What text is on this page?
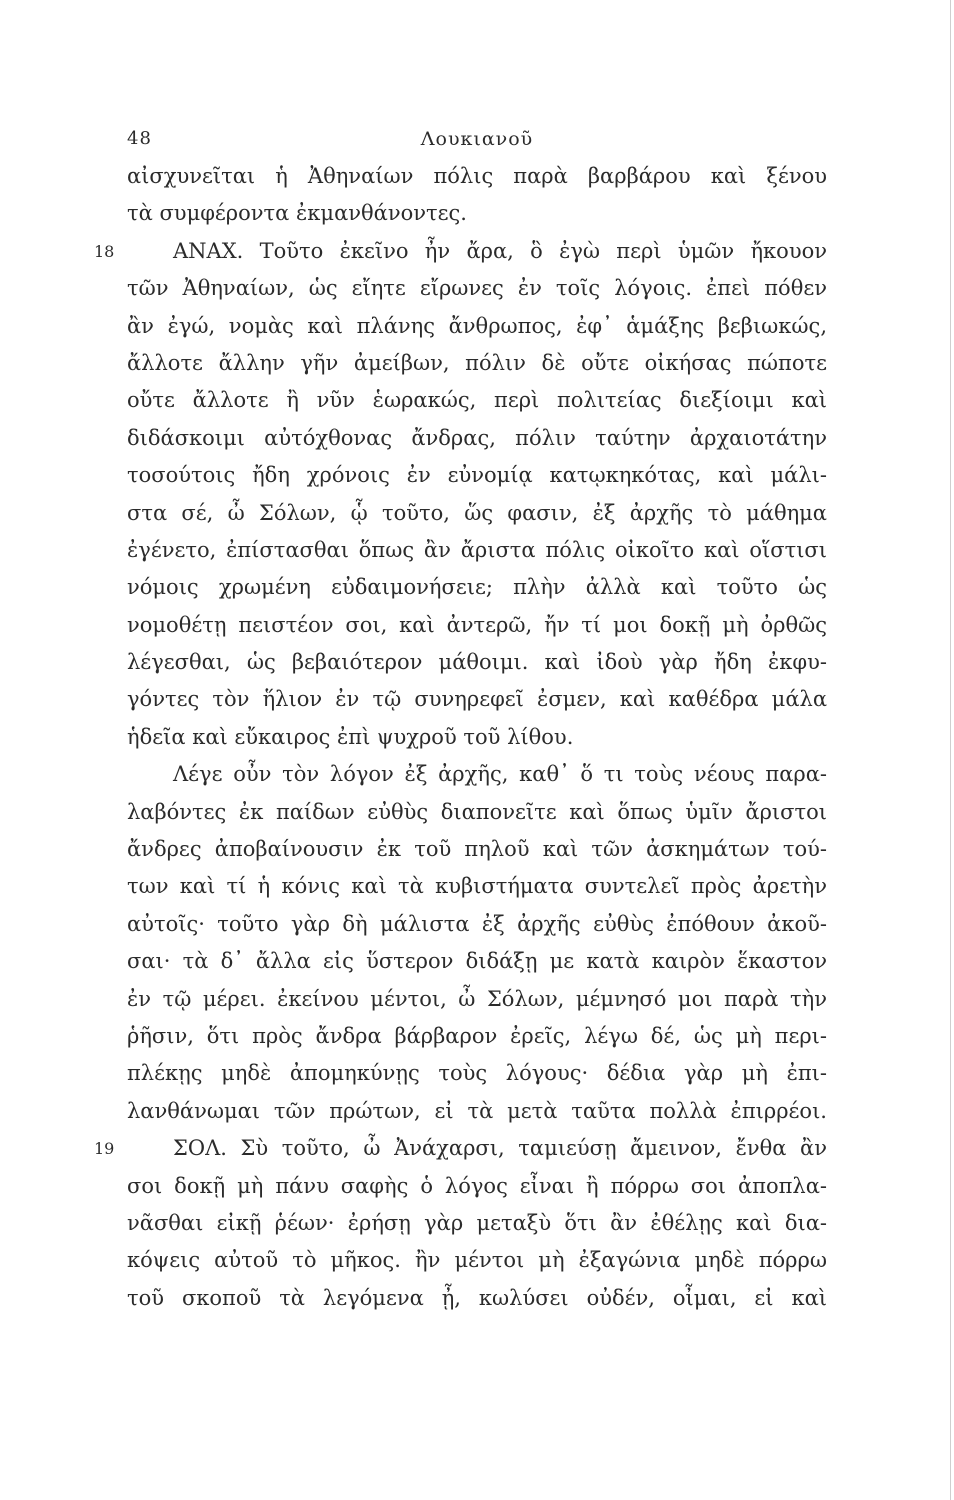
48	Λουκιανοῦ
αἰσχυνεῖται ἡ Ἀθηναίων πόλις παρὰ βαρβάρου καὶ ξένου
τὰ συμφέροντα ἐκμανθάνοντες.
18	ΑΝΑΧ. Τοῦτο ἐκεῖνο ἦν ἄρα, ὃ ἐγὼ περὶ ὑμῶν ἤκουον
τῶν Ἀθηναίων, ὡς εἴητε εἴρωνες ἐν τοῖς λόγοις. ἐπεὶ πόθεν
ἂν ἐγώ, νομὰς καὶ πλάνης ἄνθρωπος, ἐφ᾽ ἁμάξης βεβιωκώς,
ἄλλοτε ἄλλην γῆν ἀμείβων, πόλιν δὲ οὔτε οἰκήσας πώποτε
οὔτε ἄλλοτε ἢ νῦν ἑωρακώς, περὶ πολιτείας διεξίοιμι καὶ
διδάσκοιμι αὐτόχθονας ἄνδρας, πόλιν ταύτην ἀρχαιοτάτην
τοσούτοις ἤδη χρόνοις ἐν εὐνομίᾳ κατῳκηκότας, καὶ μάλι-
στα σέ, ὦ Σόλων, ᾧ τοῦτο, ὥς φασιν, ἐξ ἀρχῆς τὸ μάθημα
ἐγένετο, ἐπίστασθαι ὅπως ἂν ἄριστα πόλις οἰκοῖτο καὶ οἵστισι
νόμοις χρωμένη εὐδαιμονήσειε; πλὴν ἀλλὰ καὶ τοῦτο ὡς
νομοθέτῃ πειστέον σοι, καὶ ἀντερῶ, ἤν τί μοι δοκῇ μὴ ὀρθῶς
λέγεσθαι, ὡς βεβαιότερον μάθοιμι. καὶ ἰδοὺ γὰρ ἤδη ἐκφυ-
γόντες τὸν ἥλιον ἐν τῷ συνηρεφεῖ ἐσμεν, καὶ καθέδρα μάλα
ἡδεῖα καὶ εὔκαιρος ἐπὶ ψυχροῦ τοῦ λίθου.
Λέγε οὖν τὸν λόγον ἐξ ἀρχῆς, καθ᾽ ὅ τι τοὺς νέους παρα-
λαβόντες ἐκ παίδων εὐθὺς διαπονεῖτε καὶ ὅπως ὑμῖν ἄριστοι
ἄνδρες ἀποβαίνουσιν ἐκ τοῦ πηλοῦ καὶ τῶν ἀσκημάτων τού-
των καὶ τί ἡ κόνις καὶ τὰ κυβιστήματα συντελεῖ πρὸς ἀρετὴν
αὐτοῖς· τοῦτο γὰρ δὴ μάλιστα ἐξ ἀρχῆς εὐθὺς ἐπόθουν ἀκοῦ-
σαι· τὰ δ᾽ ἄλλα εἰς ὕστερον διδάξῃ με κατὰ καιρὸν ἕκαστον
ἐν τῷ μέρει. ἐκείνου μέντοι, ὦ Σόλων, μέμνησό μοι παρὰ τὴν
ῥῆσιν, ὅτι πρὸς ἄνδρα βάρβαρον ἐρεῖς, λέγω δέ, ὡς μὴ περι-
πλέκῃς μηδὲ ἀπομηκύνῃς τοὺς λόγους· δέδια γὰρ μὴ ἐπι-
λανθάνωμαι τῶν πρώτων, εἰ τὰ μετὰ ταῦτα πολλὰ ἐπιρρέοι.
19	ΣΟΛ. Σὺ τοῦτο, ὦ Ἀνάχαρσι, ταμιεύσῃ ἄμεινον, ἔνθα ἂν
σοι δοκῇ μὴ πάνυ σαφὴς ὁ λόγος εἶναι ἢ πόρρω σοι ἀποπλα-
νᾶσθαι εἰκῇ ῥέων· ἐρήσῃ γὰρ μεταξὺ ὅτι ἂν ἐθέλῃς καὶ δια-
κόψεις αὐτοῦ τὸ μῆκος. ἢν μέντοι μὴ ἐξαγώνια μηδὲ πόρρω
τοῦ σκοποῦ τὰ λεγόμενα ᾖ, κωλύσει οὐδέν, οἶμαι, εἰ καὶ
